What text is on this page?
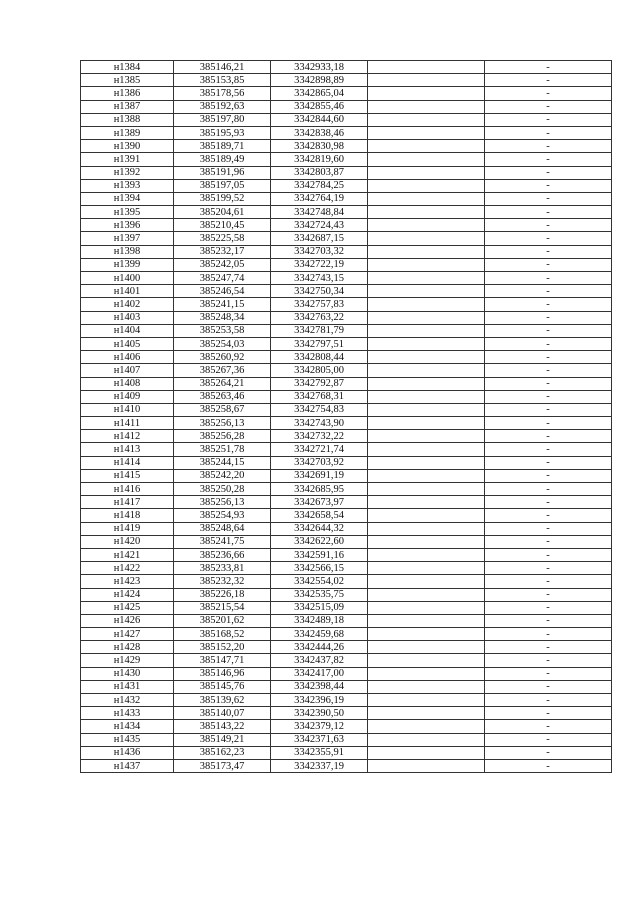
н1384	385146,21	3342933,18		-
н1385	385153,85	3342898,89		-
н1386	385178,56	3342865,04		-
н1387	385192,63	3342855,46		-
н1388	385197,80	3342844,60		-
н1389	385195,93	3342838,46		-
н1390	385189,71	3342830,98		-
н1391	385189,49	3342819,60		-
н1392	385191,96	3342803,87		-
н1393	385197,05	3342784,25		-
н1394	385199,52	3342764,19		-
н1395	385204,61	3342748,84		-
н1396	385210,45	3342724,43		-
н1397	385225,58	3342687,15		-
н1398	385232,17	3342703,32		-
н1399	385242,05	3342722,19		-
н1400	385247,74	3342743,15		-
н1401	385246,54	3342750,34		-
н1402	385241,15	3342757,83		-
н1403	385248,34	3342763,22		-
н1404	385253,58	3342781,79		-
н1405	385254,03	3342797,51		-
н1406	385260,92	3342808,44		-
н1407	385267,36	3342805,00		-
н1408	385264,21	3342792,87		-
н1409	385263,46	3342768,31		-
н1410	385258,67	3342754,83		-
н1411	385256,13	3342743,90		-
н1412	385256,28	3342732,22		-
н1413	385251,78	3342721,74		-
н1414	385244,15	3342703,92		-
н1415	385242,20	3342691,19		-
н1416	385250,28	3342685,95		-
н1417	385256,13	3342673,97		-
н1418	385254,93	3342658,54		-
н1419	385248,64	3342644,32		-
н1420	385241,75	3342622,60		-
н1421	385236,66	3342591,16		-
н1422	385233,81	3342566,15		-
н1423	385232,32	3342554,02		-
н1424	385226,18	3342535,75		-
н1425	385215,54	3342515,09		-
н1426	385201,62	3342489,18		-
н1427	385168,52	3342459,68		-
н1428	385152,20	3342444,26		-
н1429	385147,71	3342437,82		-
н1430	385146,96	3342417,00		-
н1431	385145,76	3342398,44		-
н1432	385139,62	3342396,19		-
н1433	385140,07	3342390,50		-
н1434	385143,22	3342379,12		-
н1435	385149,21	3342371,63		-
н1436	385162,23	3342355,91		-
н1437	385173,47	3342337,19		-
